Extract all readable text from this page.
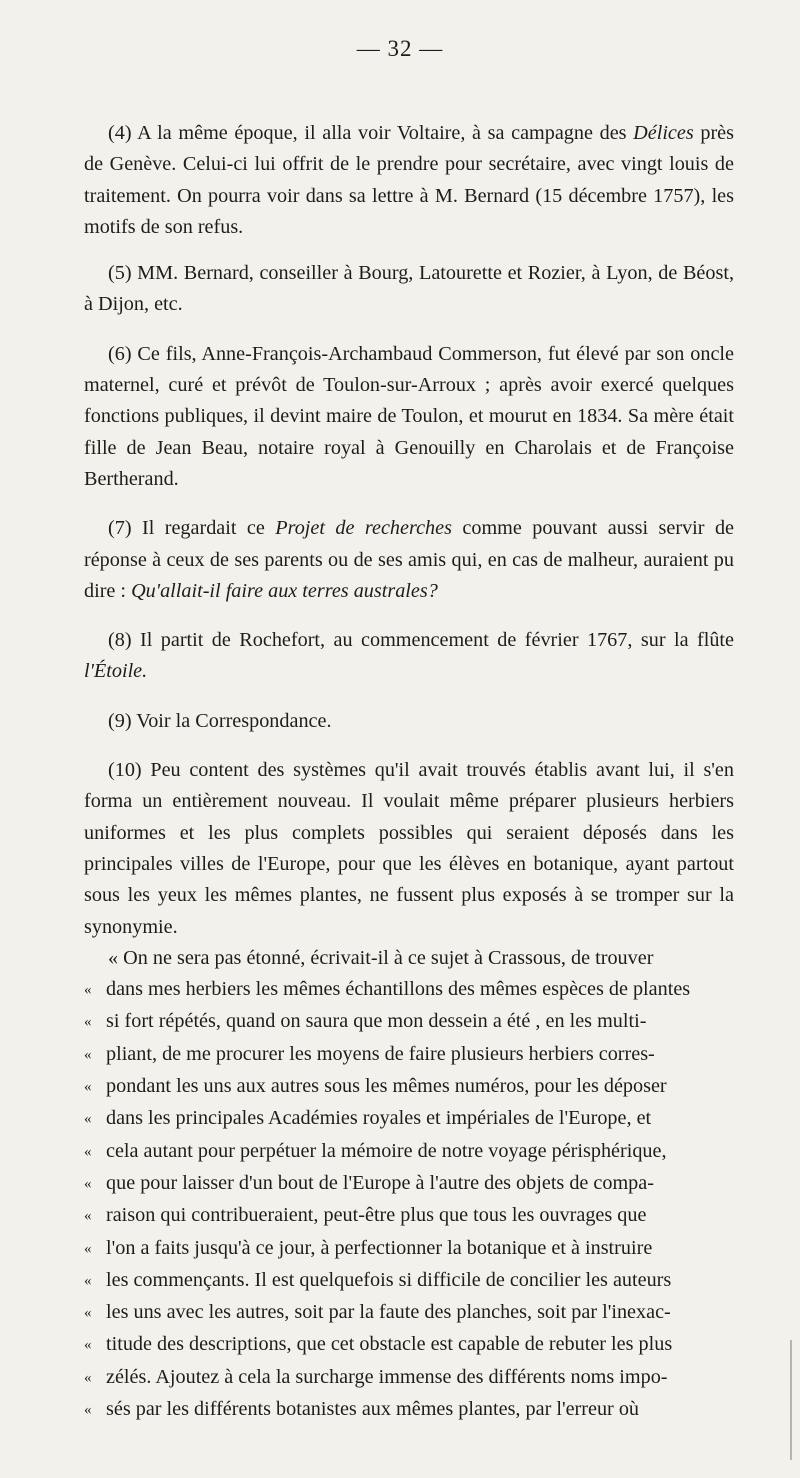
— 32 —

(4) A la même époque, il alla voir Voltaire, à sa campagne des Délices près de Genève. Celui-ci lui offrit de le prendre pour secrétaire, avec vingt louis de traitement. On pourra voir dans sa lettre à M. Bernard (15 décembre 1757), les motifs de son refus.

(5) MM. Bernard, conseiller à Bourg, Latourette et Rozier, à Lyon, de Béost, à Dijon, etc.

(6) Ce fils, Anne-François-Archambaud Commerson, fut élevé par son oncle maternel, curé et prévôt de Toulon-sur-Arroux ; après avoir exercé quelques fonctions publiques, il devint maire de Toulon, et mourut en 1834. Sa mère était fille de Jean Beau, notaire royal à Genouilly en Charolais et de Françoise Bertherand.

(7) Il regardait ce Projet de recherches comme pouvant aussi servir de réponse à ceux de ses parents ou de ses amis qui, en cas de malheur, auraient pu dire : Qu'allait-il faire aux terres australes?

(8) Il partit de Rochefort, au commencement de février 1767, sur la flûte l'Étoile.

(9) Voir la Correspondance.

(10) Peu content des systèmes qu'il avait trouvés établis avant lui, il s'en forma un entièrement nouveau. Il voulait même préparer plusieurs herbiers uniformes et les plus complets possibles qui seraient déposés dans les principales villes de l'Europe, pour que les élèves en botanique, ayant partout sous les yeux les mêmes plantes, ne fussent plus exposés à se tromper sur la synonymie.

« On ne sera pas étonné, écrivait-il à ce sujet à Crassous, de trouver

« dans mes herbiers les mêmes échantillons des mêmes espèces de plantes

« si fort répétés, quand on saura que mon dessein a été , en les multi-

« pliant, de me procurer les moyens de faire plusieurs herbiers corres-

« pondant les uns aux autres sous les mêmes numéros, pour les déposer

« dans les principales Académies royales et impériales de l'Europe, et

« cela autant pour perpétuer la mémoire de notre voyage périsphérique,

« que pour laisser d'un bout de l'Europe à l'autre des objets de compa-

« raison qui contribueraient, peut-être plus que tous les ouvrages que

« l'on a faits jusqu'à ce jour, à perfectionner la botanique et à instruire

« les commençants. Il est quelquefois si difficile de concilier les auteurs

« les uns avec les autres, soit par la faute des planches, soit par l'inexac-

« titude des descriptions, que cet obstacle est capable de rebuter les plus

« zélés. Ajoutez à cela la surcharge immense des différents noms impo-

« sés par les différents botanistes aux mêmes plantes, par l'erreur où
